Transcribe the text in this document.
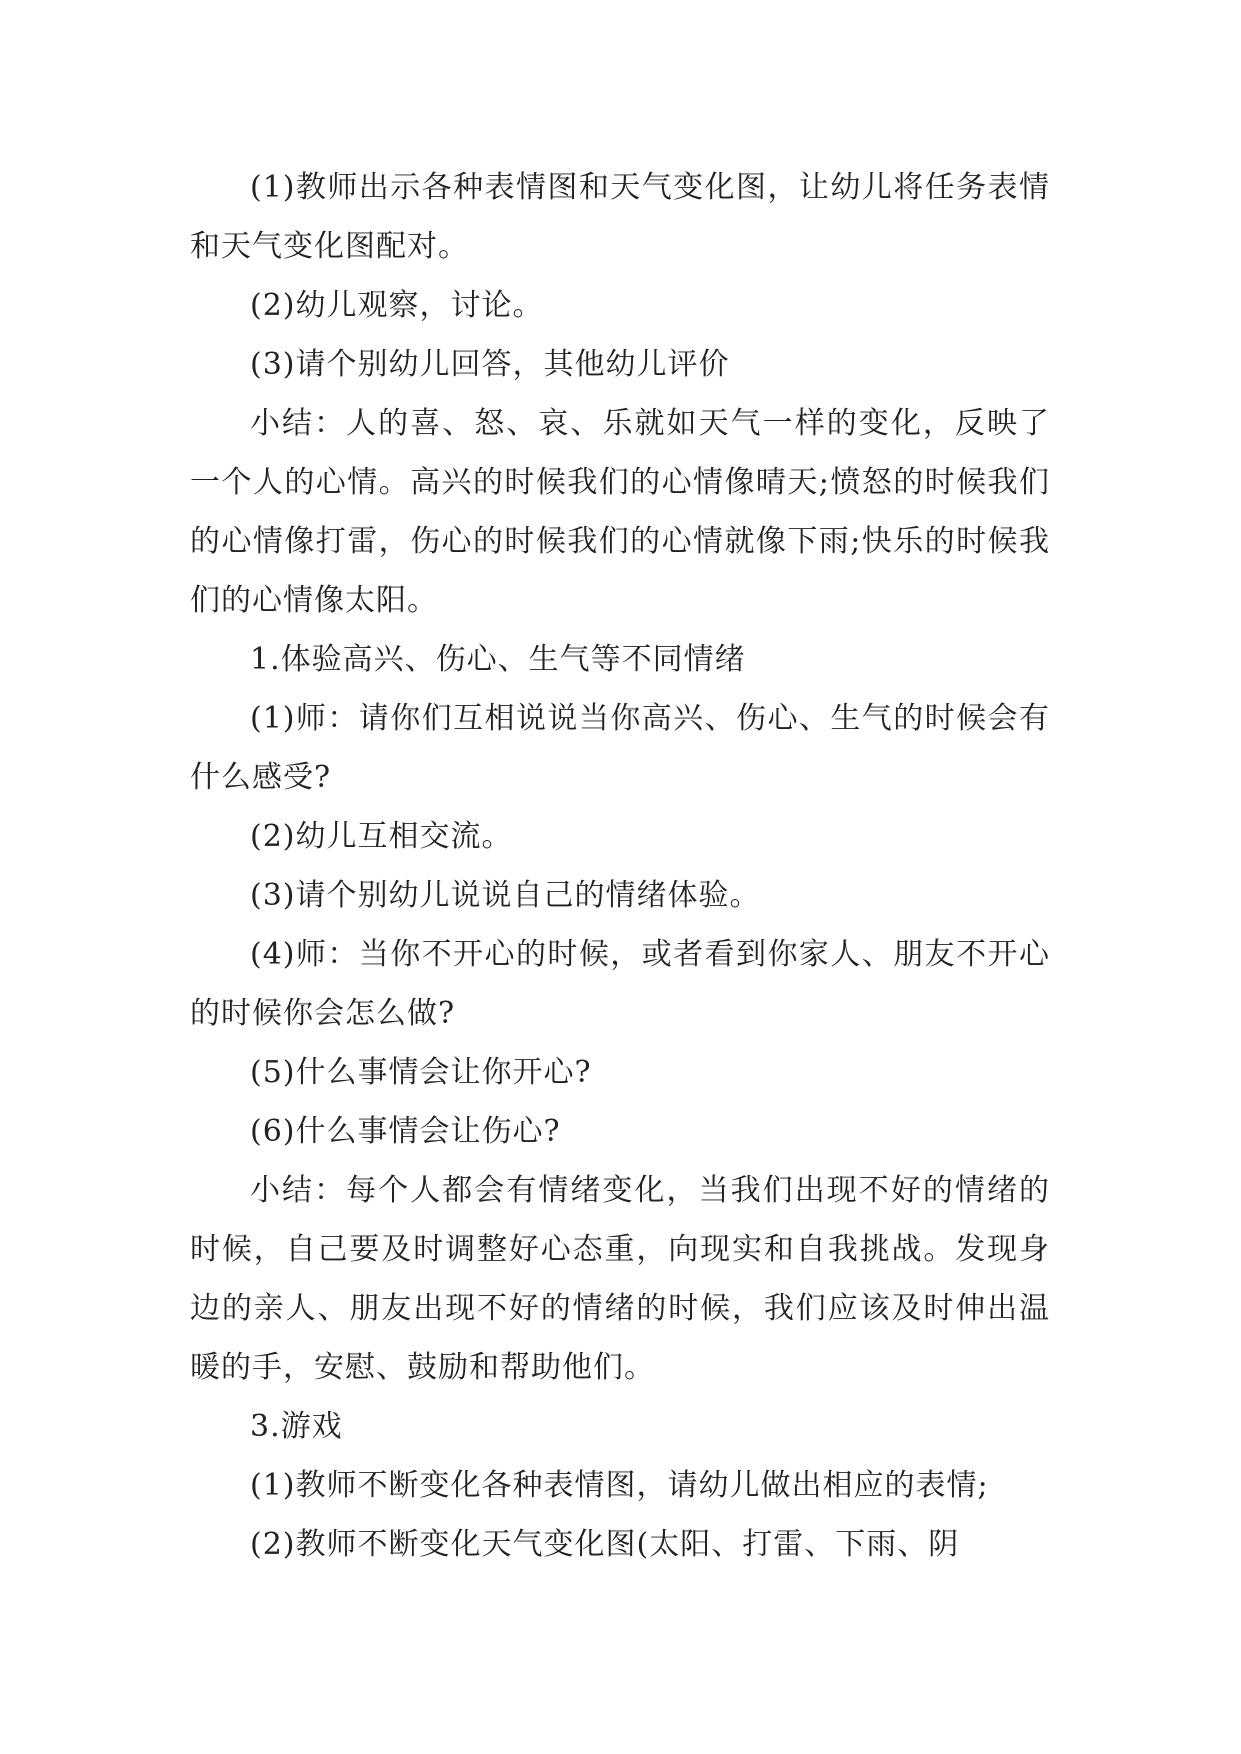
(1)教师出示各种表情图和天气变化图，让幼儿将任务表情和天气变化图配对。

(2)幼儿观察，讨论。

(3)请个别幼儿回答，其他幼儿评价

小结：人的喜、怒、哀、乐就如天气一样的变化，反映了一个人的心情。高兴的时候我们的心情像晴天;愤怒的时候我们的心情像打雷，伤心的时候我们的心情就像下雨;快乐的时候我们的心情像太阳。

1.体验高兴、伤心、生气等不同情绪

(1)师：请你们互相说说当你高兴、伤心、生气的时候会有什么感受?

(2)幼儿互相交流。

(3)请个别幼儿说说自己的情绪体验。

(4)师：当你不开心的时候，或者看到你家人、朋友不开心的时候你会怎么做?

(5)什么事情会让你开心?

(6)什么事情会让伤心?

小结：每个人都会有情绪变化，当我们出现不好的情绪的时候，自己要及时调整好心态重，向现实和自我挑战。发现身边的亲人、朋友出现不好的情绪的时候，我们应该及时伸出温暖的手，安慰、鼓励和帮助他们。

3.游戏

(1)教师不断变化各种表情图，请幼儿做出相应的表情;

(2)教师不断变化天气变化图(太阳、打雷、下雨、阴
